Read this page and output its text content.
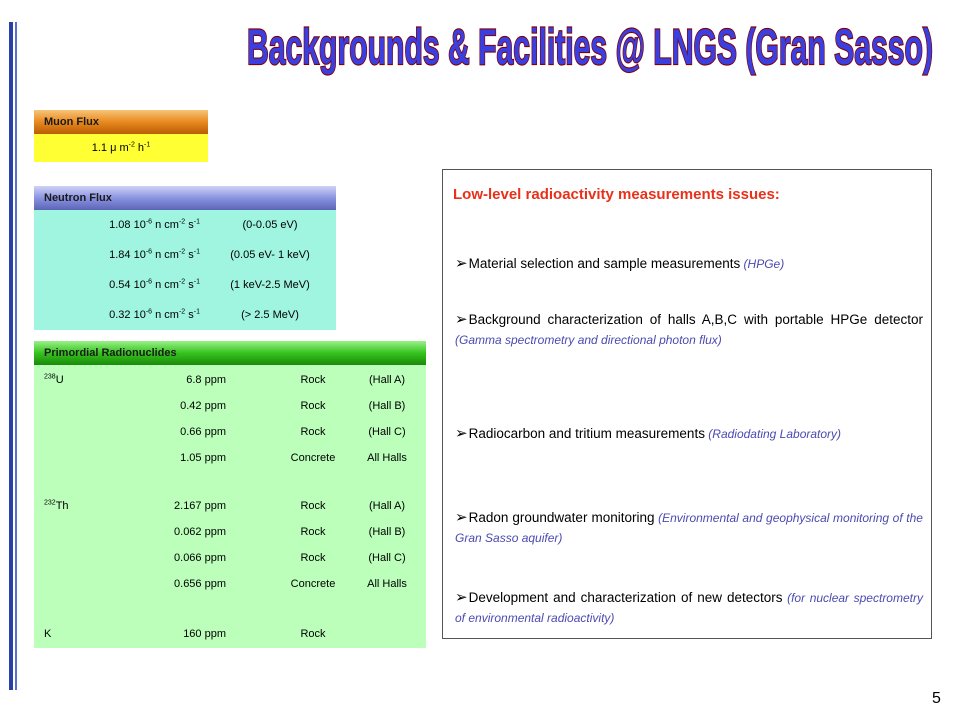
Backgrounds & Facilities @ LNGS (Gran Sasso)
Muon Flux
1.1 μ $m^{-2}$ $h^{-1}$
Neutron Flux
1.08 $10^{-6}$ n $cm^{-2}$ $s^{-1}$	(0-0.05 eV)
1.84 $10^{-6}$ n $cm^{-2}$ $s^{-1}$	(0.05 eV- 1 keV)
0.54 $10^{-6}$ n $cm^{-2}$ $s^{-1}$	(1 keV-2.5 MeV)
0.32 $10^{-6}$ n $cm^{-2}$ $s^{-1}$	(> 2.5 MeV)
Primordial Radionuclides
$^{238}$U	6.8 ppm	Rock	(Hall A)
0.42 ppm	Rock	(Hall B)
0.66 ppm	Rock	(Hall C)
1.05 ppm	Concrete	All Halls
$^{232}$Th	2.167 ppm	Rock	(Hall A)
0.062 ppm	Rock	(Hall B)
0.066 ppm	Rock	(Hall C)
0.656 ppm	Concrete	All Halls
K	160 ppm	Rock
Low-level radioactivity measurements issues:
➢Material selection and sample measurements (HPGe)
➢Background characterization of halls A,B,C with portable HPGe detector (Gamma spectrometry and directional photon flux)
➢Radiocarbon and tritium measurements (Radiodating Laboratory)
➢Radon groundwater monitoring (Environmental and geophysical monitoring of the Gran Sasso aquifer)
➢Development and characterization of new detectors (for nuclear spectrometry of environmental radioactivity)
5
